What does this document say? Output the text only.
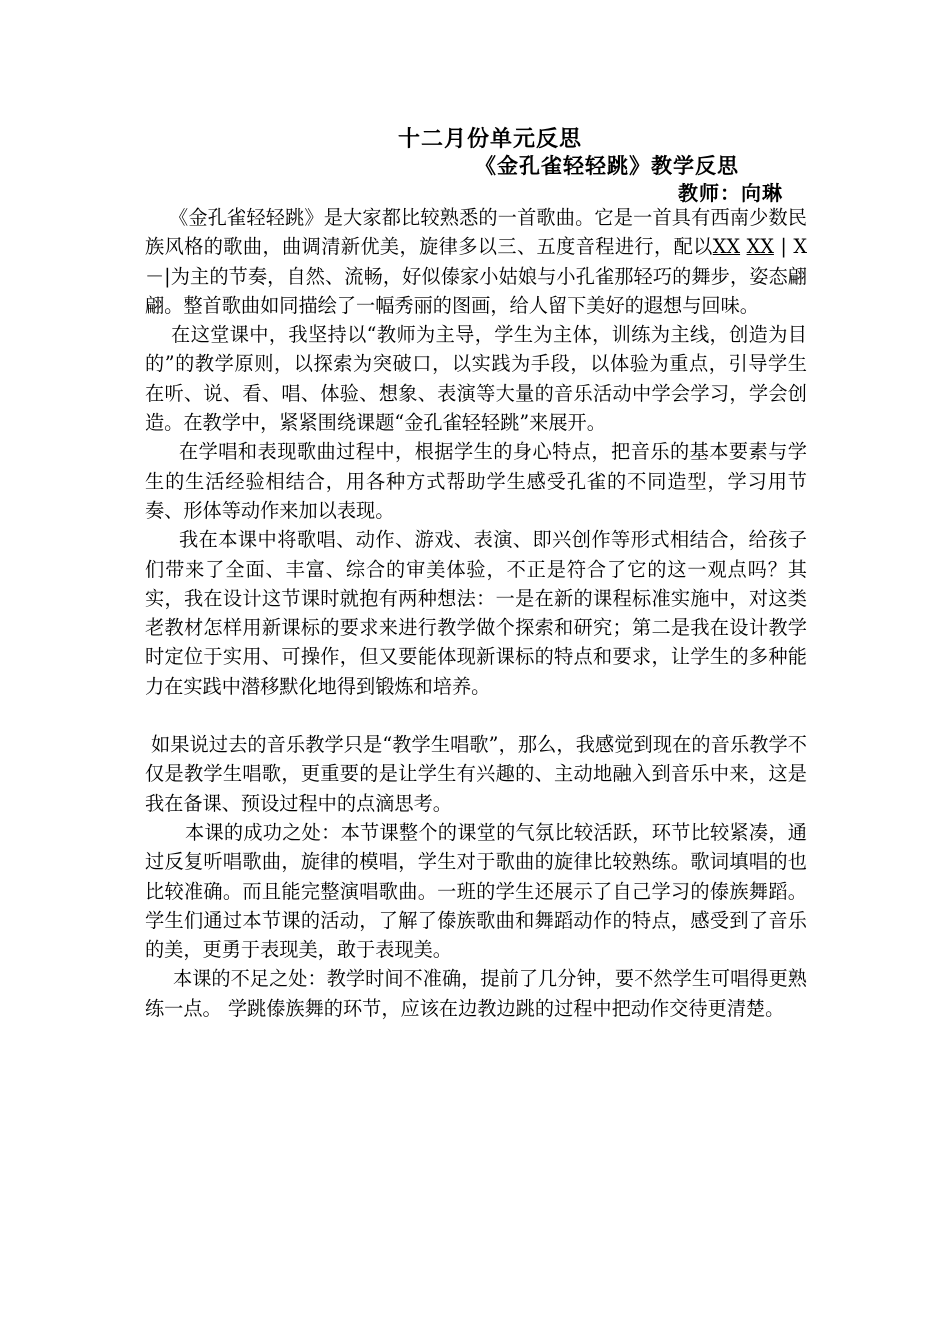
十二月份单元反思
《金孔雀轻轻跳》教学反思
教师：向琳

《金孔雀轻轻跳》是大家都比较熟悉的一首歌曲。它是一首具有西南少数民族风格的歌曲，曲调清新优美，旋律多以三、五度音程进行，配以XX XX | X－|为主的节奏，自然、流畅，好似傣家小姑娘与小孔雀那轻巧的舞步，姿态翩翩。整首歌曲如同描绘了一幅秀丽的图画，给人留下美好的遐想与回味。

在这堂课中，我坚持以“教师为主导，学生为主体，训练为主线，创造为目的”的教学原则，以探索为突破口，以实践为手段，以体验为重点，引导学生在听、说、看、唱、体验、想象、表演等大量的音乐活动中学会学习，学会创造。在教学中，紧紧围绕课题“金孔雀轻轻跳”来展开。

在学唱和表现歌曲过程中，根据学生的身心特点，把音乐的基本要素与学生的生活经验相结合，用各种方式帮助学生感受孔雀的不同造型，学习用节奏、形体等动作来加以表现。

我在本课中将歌唱、动作、游戏、表演、即兴创作等形式相结合，给孩子们带来了全面、丰富、综合的审美体验，不正是符合了它的这一观点吗？其实，我在设计这节课时就抱有两种想法：一是在新的课程标准实施中，对这类老教材怎样用新课标的要求来进行教学做个探索和研究；第二是我在设计教学时定位于实用、可操作，但又要能体现新课标的特点和要求，让学生的多种能力在实践中潜移默化地得到锻炼和培养。

如果说过去的音乐教学只是“教学生唱歌”，那么，我感觉到现在的音乐教学不仅是教学生唱歌，更重要的是让学生有兴趣的、主动地融入到音乐中来，这是我在备课、预设过程中的点滴思考。

本课的成功之处：本节课整个的课堂的气氛比较活跃，环节比较紧凑，通过反复听唱歌曲，旋律的模唱，学生对于歌曲的旋律比较熟练。歌词填唱的也比较准确。而且能完整演唱歌曲。一班的学生还展示了自己学习的傣族舞蹈。学生们通过本节课的活动，了解了傣族歌曲和舞蹈动作的特点，感受到了音乐的美，更勇于表现美，敢于表现美。

本课的不足之处：教学时间不准确，提前了几分钟，要不然学生可唱得更熟练一点。 学跳傣族舞的环节，应该在边教边跳的过程中把动作交待更清楚。
